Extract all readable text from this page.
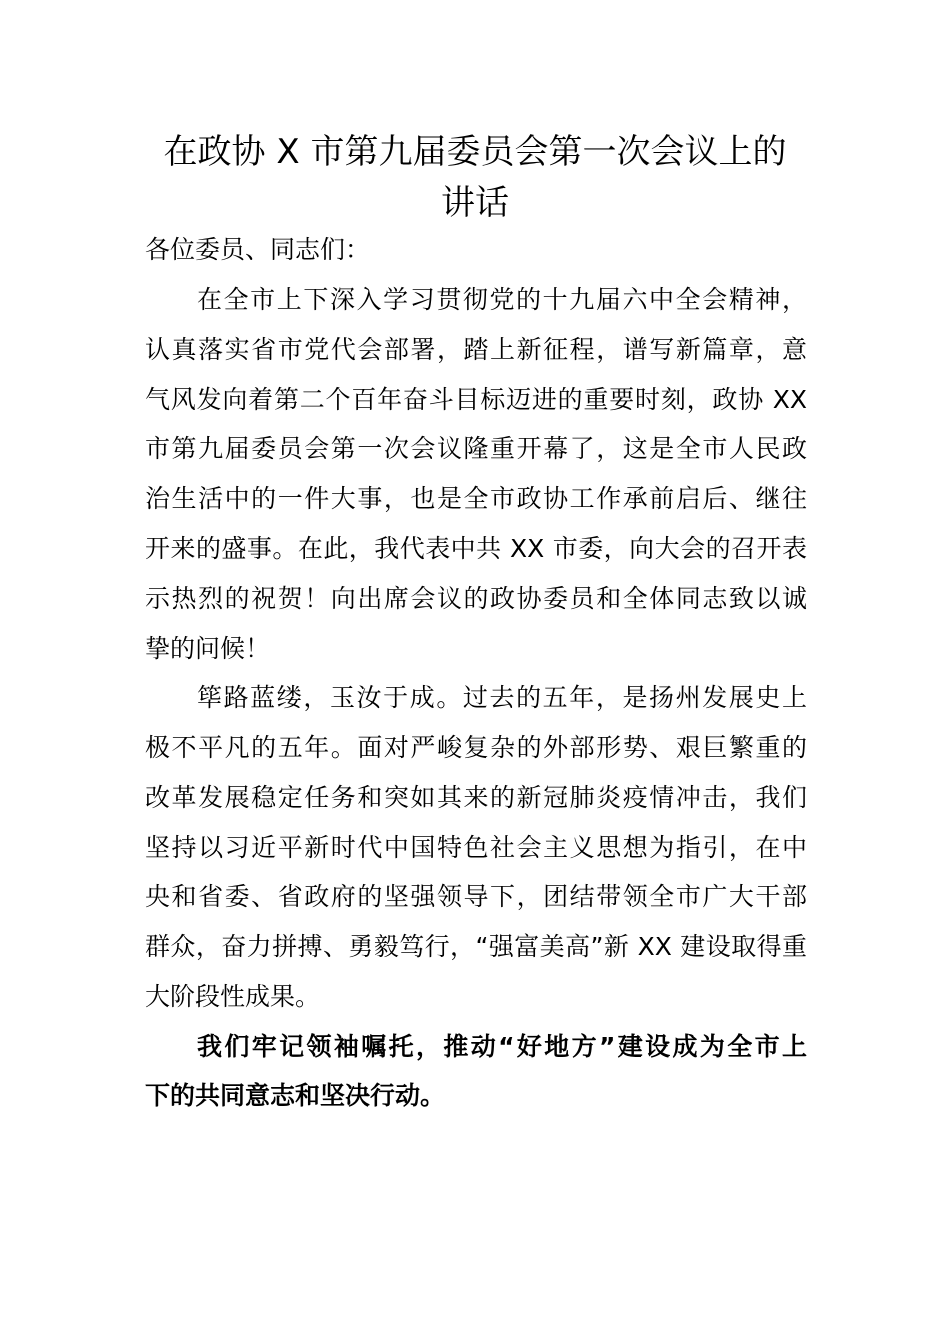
在政协 X 市第九届委员会第一次会议上的
讲话
各位委员、同志们：
在全市上下深入学习贯彻党的十九届六中全会精神，
认真落实省市党代会部署，踏上新征程，谱写新篇章，意
气风发向着第二个百年奋斗目标迈进的重要时刻，政协 XX
市第九届委员会第一次会议隆重开幕了，这是全市人民政
治生活中的一件大事，也是全市政协工作承前启后、继往
开来的盛事。在此，我代表中共 XX 市委，向大会的召开表
示热烈的祝贺！向出席会议的政协委员和全体同志致以诚
挚的问候！
筚路蓝缕，玉汝于成。过去的五年，是扬州发展史上
极不平凡的五年。面对严峻复杂的外部形势、艰巨繁重的
改革发展稳定任务和突如其来的新冠肺炎疫情冲击，我们
坚持以习近平新时代中国特色社会主义思想为指引，在中
央和省委、省政府的坚强领导下，团结带领全市广大干部
群众，奋力拼搏、勇毅笃行，“强富美高”新 XX 建设取得重
大阶段性成果。
我们牢记领袖嘱托，推动“好地方”建设成为全市上
下的共同意志和坚决行动。
